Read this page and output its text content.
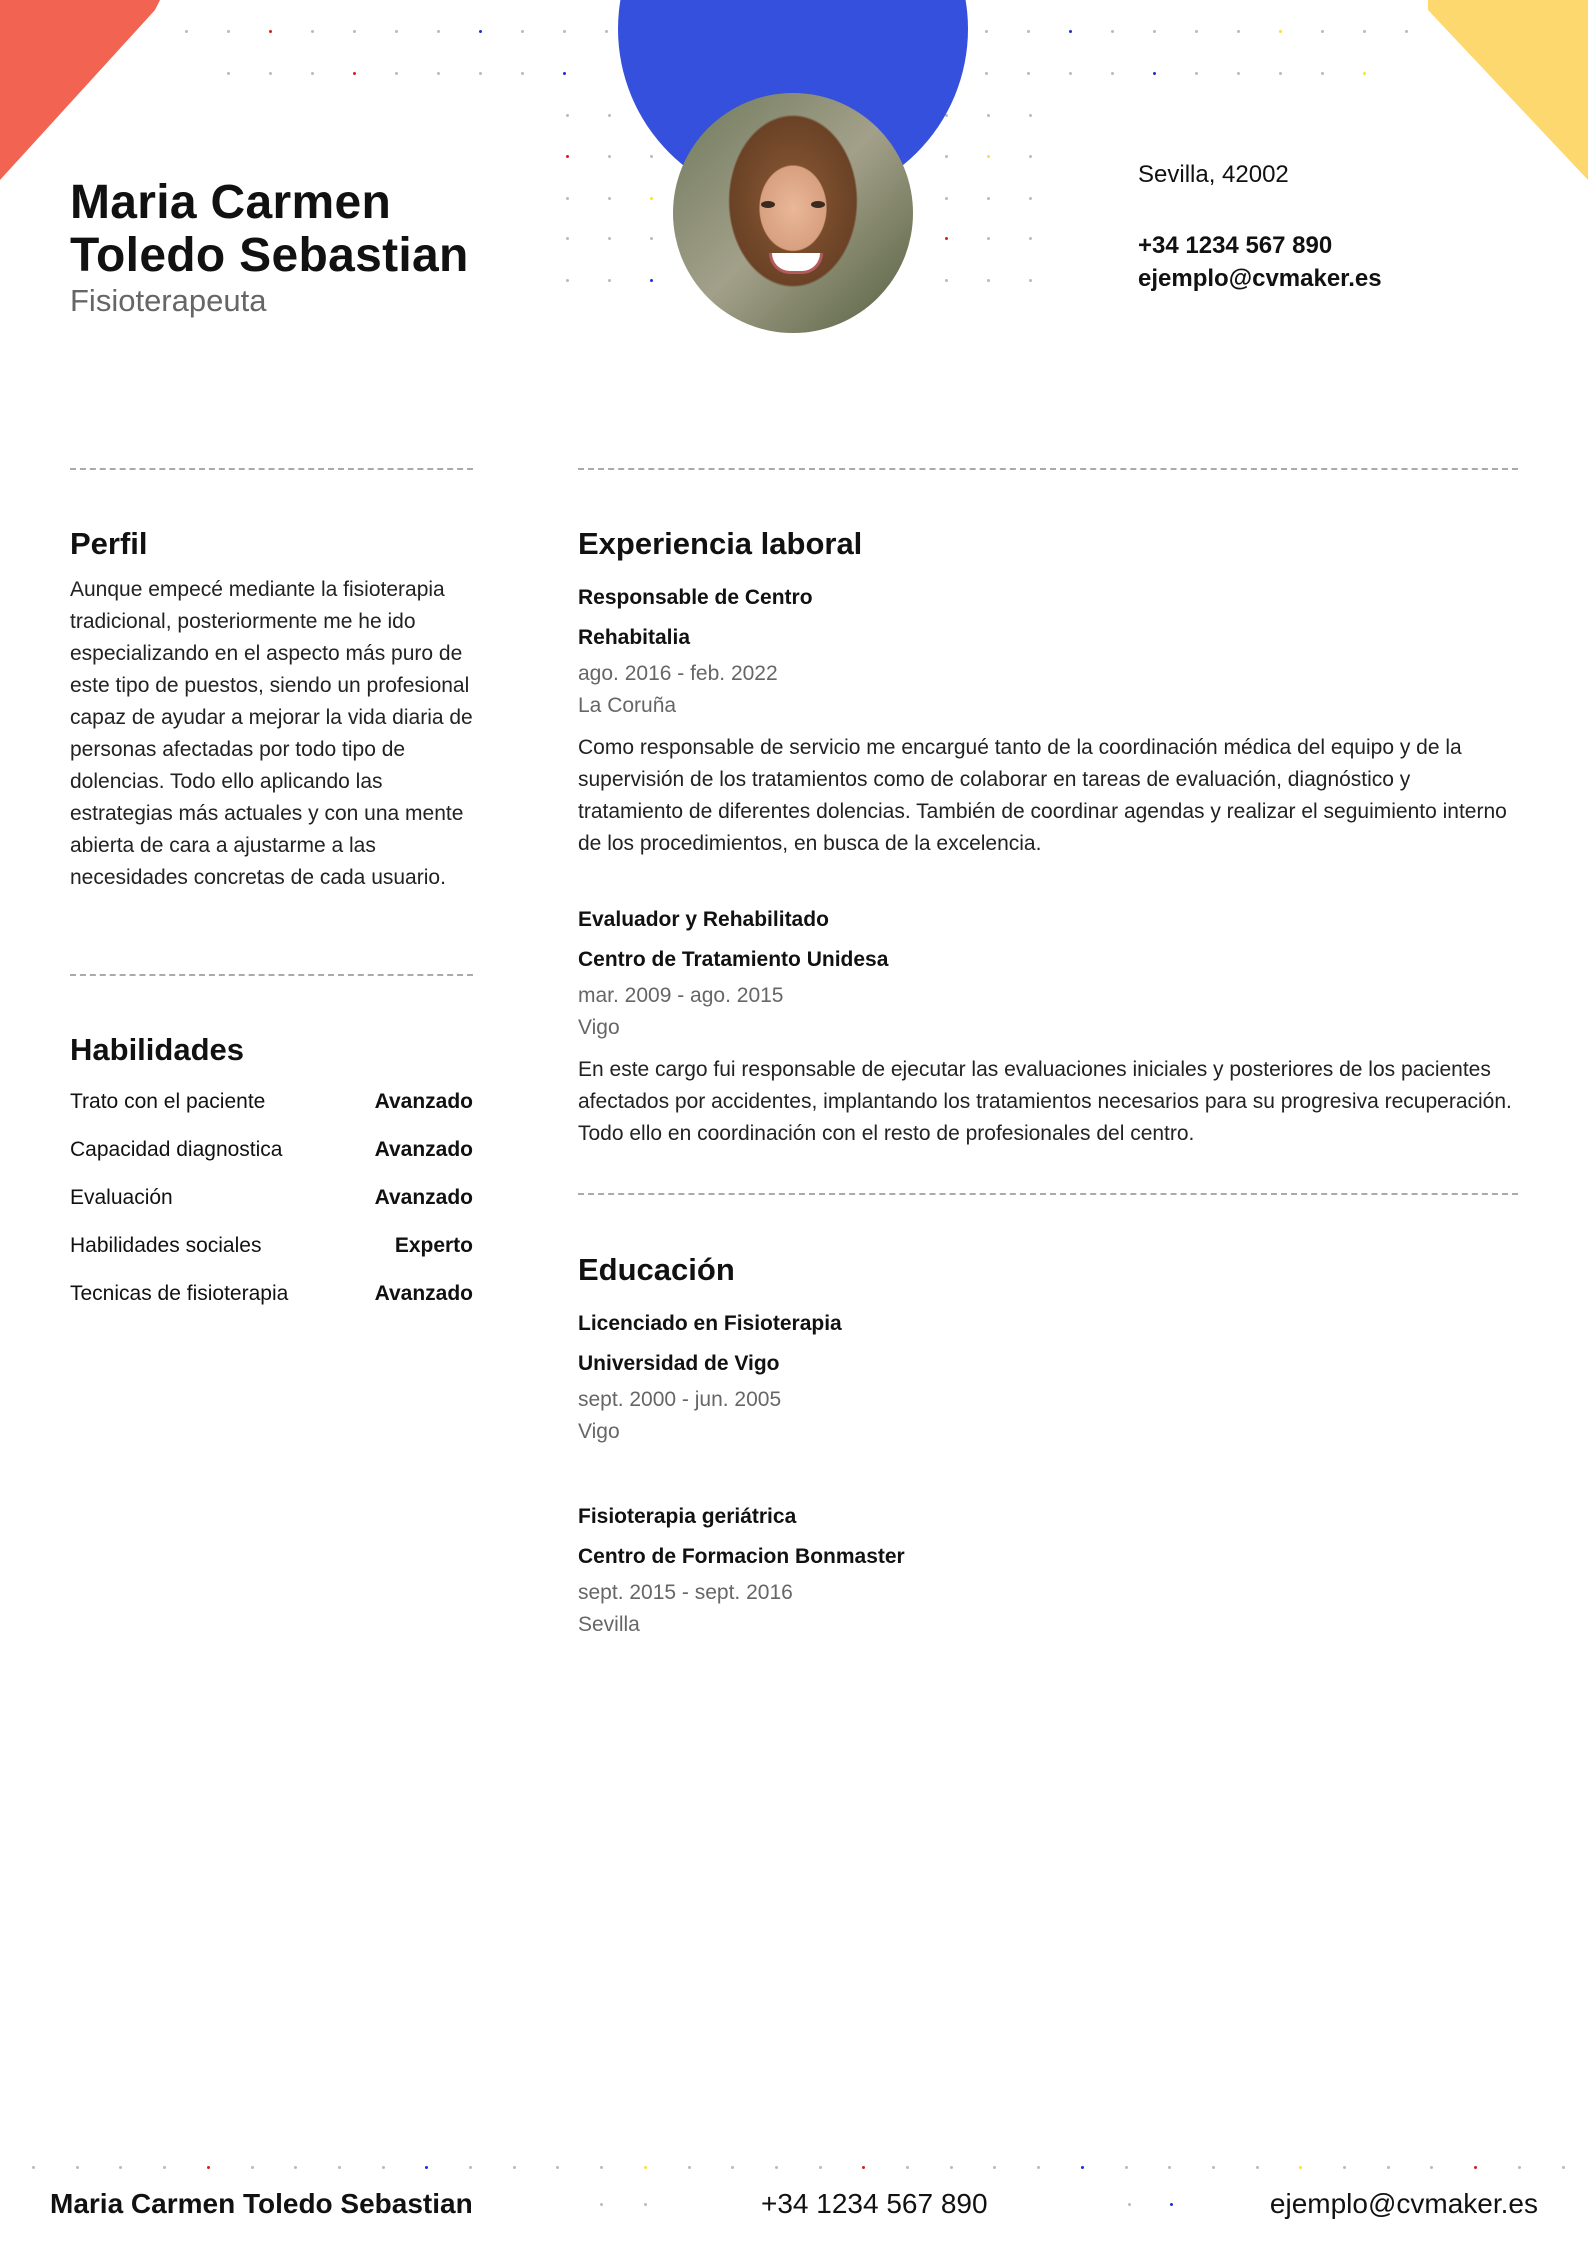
Maria Carmen
Toledo Sebastian
Fisioterapeuta
Sevilla, 42002
+34 1234 567 890
ejemplo@cvmaker.es
Perfil
Aunque empecé mediante la fisioterapia tradicional, posteriormente me he ido especializando en el aspecto más puro de este tipo de puestos, siendo un profesional capaz de ayudar a mejorar la vida diaria de personas afectadas por todo tipo de dolencias. Todo ello aplicando las estrategias más actuales y con una mente abierta de cara a ajustarme a las necesidades concretas de cada usuario.
Habilidades
Trato con el paciente	Avanzado
Capacidad diagnostica	Avanzado
Evaluación	Avanzado
Habilidades sociales	Experto
Tecnicas de fisioterapia	Avanzado
Experiencia laboral
Responsable de Centro
Rehabitalia
ago. 2016 - feb. 2022
La Coruña
Como responsable de servicio me encargué tanto de la coordinación médica del equipo y de la supervisión de los tratamientos como de colaborar en tareas de evaluación, diagnóstico y tratamiento de diferentes dolencias. También de coordinar agendas y realizar el seguimiento interno de los procedimientos, en busca de la excelencia.
Evaluador y Rehabilitado
Centro de Tratamiento Unidesa
mar. 2009 - ago. 2015
Vigo
En este cargo fui responsable de ejecutar las evaluaciones iniciales y posteriores de los pacientes afectados por accidentes, implantando los tratamientos necesarios para su progresiva recuperación. Todo ello en coordinación con el resto de profesionales del centro.
Educación
Licenciado en Fisioterapia
Universidad de Vigo
sept. 2000 - jun. 2005
Vigo
Fisioterapia geriátrica
Centro de Formacion Bonmaster
sept. 2015 - sept. 2016
Sevilla
Maria Carmen Toledo Sebastian	+34 1234 567 890	ejemplo@cvmaker.es
